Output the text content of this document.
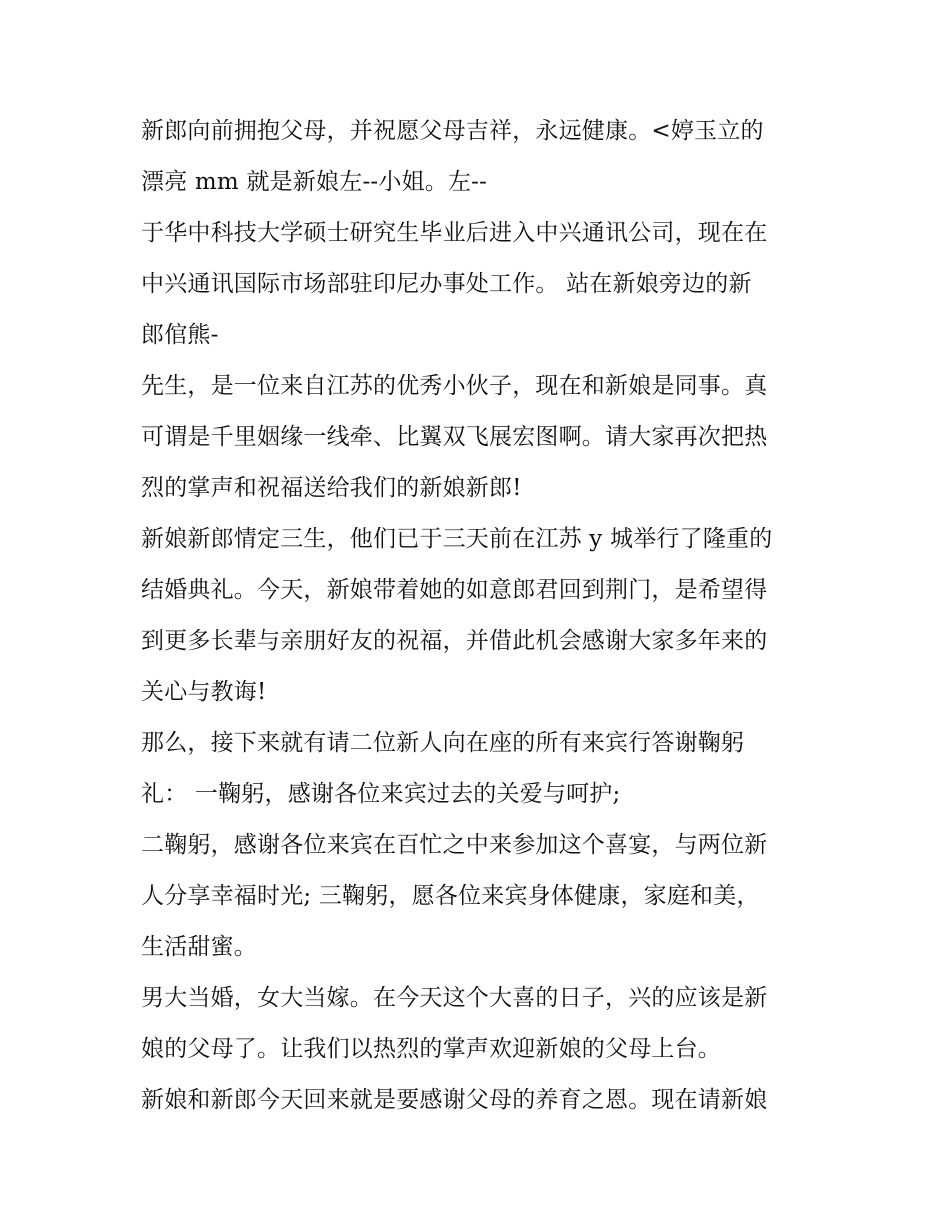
新郎向前拥抱父母，并祝愿父母吉祥，永远健康。<婷玉立的
漂亮 mm 就是新娘左--小姐。左--
于华中科技大学硕士研究生毕业后进入中兴通讯公司，现在在
中兴通讯国际市场部驻印尼办事处工作。 站在新娘旁边的新
郎倌熊-
先生，是一位来自江苏的优秀小伙子，现在和新娘是同事。真
可谓是千里姻缘一线牵、比翼双飞展宏图啊。请大家再次把热
烈的掌声和祝福送给我们的新娘新郎!
新娘新郎情定三生，他们已于三天前在江苏 y 城举行了隆重的
结婚典礼。今天，新娘带着她的如意郎君回到荆门，是希望得
到更多长辈与亲朋好友的祝福，并借此机会感谢大家多年来的
关心与教诲!
那么，接下来就有请二位新人向在座的所有来宾行答谢鞠躬
礼： 一鞠躬，感谢各位来宾过去的关爱与呵护;
二鞠躬，感谢各位来宾在百忙之中来参加这个喜宴，与两位新
人分享幸福时光; 三鞠躬，愿各位来宾身体健康，家庭和美，
生活甜蜜。
男大当婚，女大当嫁。在今天这个大喜的日子，兴的应该是新
娘的父母了。让我们以热烈的掌声欢迎新娘的父母上台。
新娘和新郎今天回来就是要感谢父母的养育之恩。现在请新娘
